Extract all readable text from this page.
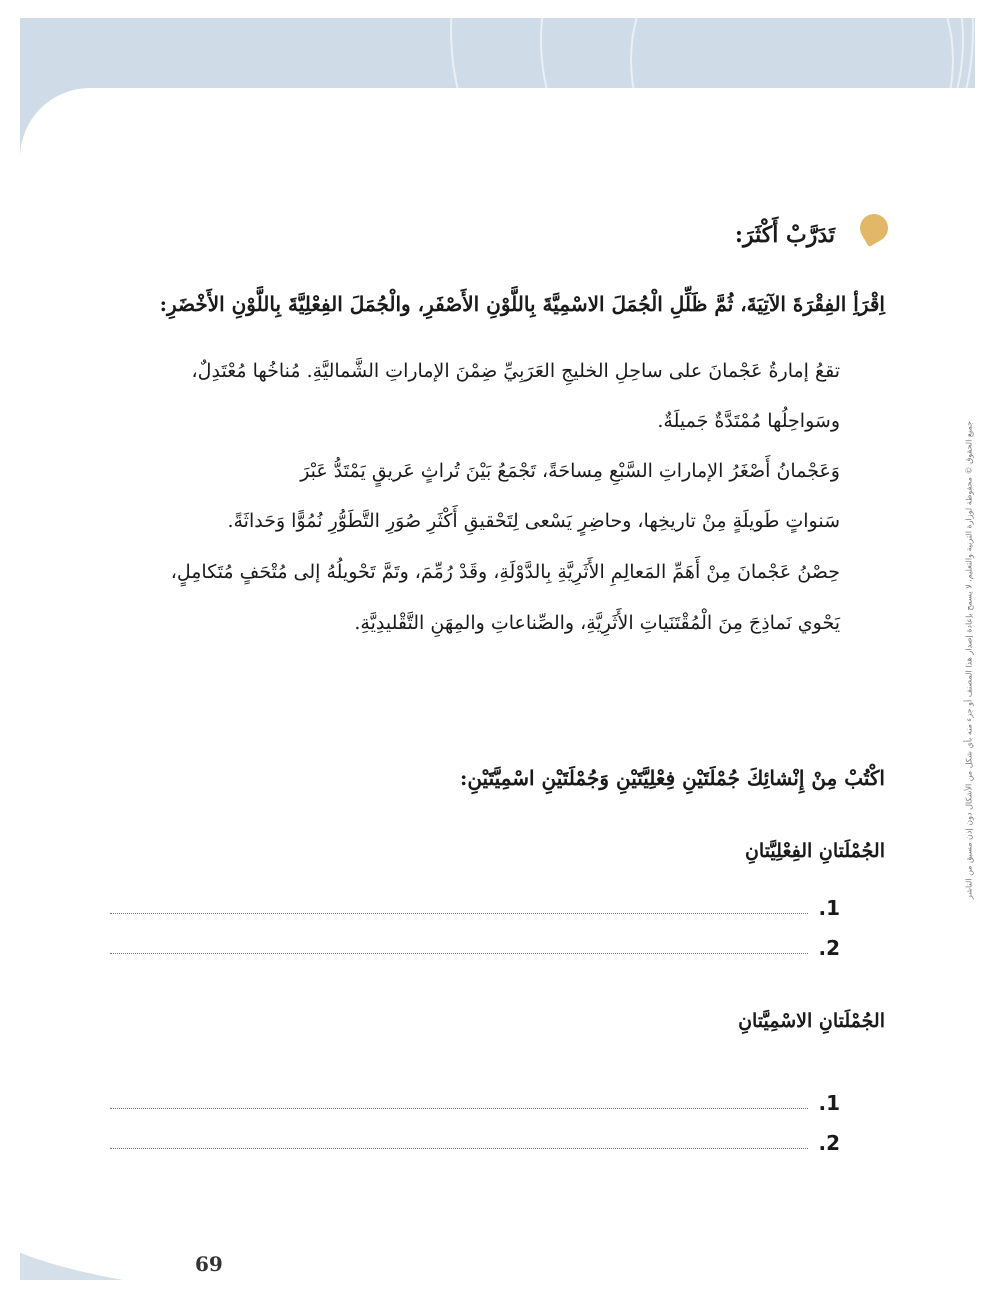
تَدَرَّبْ أَكْثَرَ:
اِقْرَأِ الفِقْرَةَ الآتِيَةَ، ثُمَّ ظَلِّلِ الْجُمَلَ الاسْمِيَّةَ بِاللَّوْنِ الأَصْفَرِ، والْجُمَلَ الفِعْلِيَّةَ بِاللَّوْنِ الأَخْضَرِ:
تقعُ إمارةُ عَجْمانَ على ساحِلِ الخليجِ العَرَبِيِّ ضِمْنَ الإماراتِ الشَّماليَّةِ. مُناخُها مُعْتَدِلٌ،
وسَواحِلُها مُمْتَدَّةٌ جَميلَةٌ.
وَعَجْمانُ أَصْغَرُ الإماراتِ السَّبْعِ مِساحَةً، تَجْمَعُ بَيْنَ تُراثٍ عَريقٍ يَمْتَدُّ عَبْرَ
سَنواتٍ طَويلَةٍ مِنْ تاريخِها، وحاضِرٍ يَسْعى لِتَحْقيقِ أَكْثَرِ صُوَرِ التَّطَوُّرِ نُمُوًّا وَحَداثَةً.
حِصْنُ عَجْمانَ مِنْ أَهَمِّ المَعالِمِ الأَثَرِيَّةِ بِالدَّوْلَةِ، وقَدْ رُمِّمَ، وتَمَّ تَحْويلُهُ إلى مُتْحَفٍ مُتَكامِلٍ،
يَحْوي نَماذِجَ مِنَ الْمُقْتَنَياتِ الأَثَرِيَّةِ، والصِّناعاتِ والمِهَنِ التَّقْليدِيَّةِ.
اكْتُبْ مِنْ إِنْشائِكَ جُمْلَتَيْنِ فِعْلِيَّتَيْنِ وَجُمْلَتَيْنِ اسْمِيَّتَيْنِ:
الجُمْلَتانِ الفِعْلِيَّتانِ
.1
.2
الجُمْلَتانِ الاسْمِيَّتانِ
.1
.2
جميع الحقوق © محفوظة لوزارة التربية والتعليم، لا يسمح بإعادة إصدار هذا المصنف أو جزء منه بأي شكل من الأشكال دون إذن مسبق من الناشر
69
